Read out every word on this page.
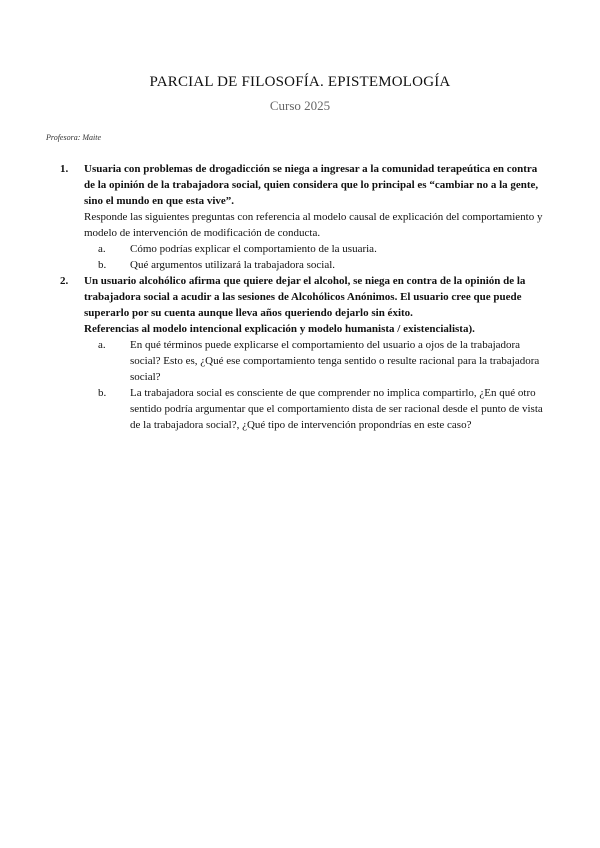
PARCIAL DE FILOSOFÍA. EPISTEMOLOGÍA
Curso 2025
Profesora: Maite
1. Usuaria con problemas de drogadicción se niega a ingresar a la comunidad terapeútica en contra de la opinión de la trabajadora social, quien considera que lo principal es “cambiar no a la gente, sino el mundo en que esta vive”.
Responde las siguientes preguntas con referencia al modelo causal de explicación del comportamiento y modelo de intervención de modificación de conducta.
a. Cómo podrías explicar el comportamiento de la usuaria.
b. Qué argumentos utilizará la trabajadora social.
2. Un usuario alcohólico afirma que quiere dejar el alcohol, se niega en contra de la opinión de la trabajadora social a acudir a las sesiones de Alcohólicos Anónimos. El usuario cree que puede superarlo por su cuenta aunque lleva años queriendo dejarlo sin éxito.
Referencias al modelo intencional explicación y modelo humanista / existencialista).
a. En qué términos puede explicarse el comportamiento del usuario a ojos de la trabajadora social? Esto es, ¿Qué ese comportamiento tenga sentido o resulte racional para la trabajadora social?
b. La trabajadora social es consciente de que comprender no implica compartirlo, ¿En qué otro sentido podría argumentar que el comportamiento dista de ser racional desde el punto de vista de la trabajadora social?, ¿Qué tipo de intervención propondrías en este caso?
